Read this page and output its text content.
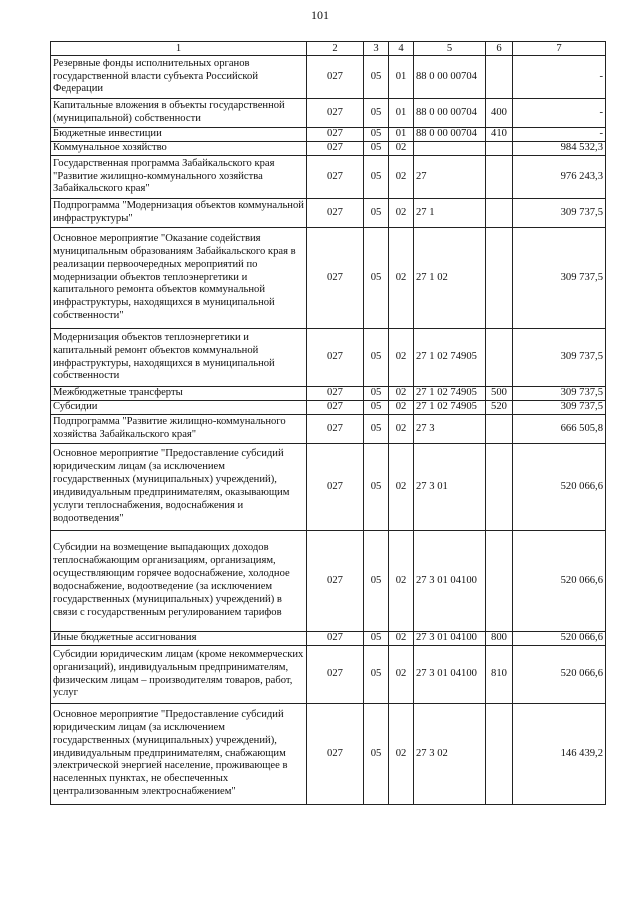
101
1	2	3	4	5	6	7
Резервные фонды исполнительных органов государственной власти субъекта Российской Федерации	027	05	01	88 0 00 00704		-
Капитальные вложения в объекты государственной (муниципальной) собственности	027	05	01	88 0 00 00704	400	-
Бюджетные инвестиции	027	05	01	88 0 00 00704	410	-
Коммунальное хозяйство	027	05	02			984 532,3
Государственная программа Забайкальского края "Развитие жилищно-коммунального хозяйства Забайкальского края"	027	05	02	27		976 243,3
Подпрограмма "Модернизация объектов коммунальной инфраструктуры"	027	05	02	27 1		309 737,5
Основное мероприятие "Оказание содействия муниципальным образованиям Забайкальского края в реализации первоочередных мероприятий по модернизации объектов теплоэнергетики и капитального ремонта объектов коммунальной инфраструктуры, находящихся в муниципальной собственности"	027	05	02	27 1 02		309 737,5
Модернизация объектов теплоэнергетики и капитальный ремонт объектов коммунальной инфраструктуры, находящихся в муниципальной собственности	027	05	02	27 1 02 74905		309 737,5
Межбюджетные трансферты	027	05	02	27 1 02 74905	500	309 737,5
Субсидии	027	05	02	27 1 02 74905	520	309 737,5
Подпрограмма "Развитие жилищно-коммунального хозяйства Забайкальского края"	027	05	02	27 3		666 505,8
Основное мероприятие "Предоставление субсидий юридическим лицам (за исключением государственных (муниципальных) учреждений), индивидуальным предпринимателям, оказывающим услуги теплоснабжения, водоснабжения и водоотведения"	027	05	02	27 3 01		520 066,6
Субсидии на возмещение выпадающих доходов теплоснабжающим организациям, организациям, осуществляющим горячее водоснабжение, холодное водоснабжение, водоотведение (за исключением государственных (муниципальных) учреждений) в связи с государственным регулированием тарифов	027	05	02	27 3 01 04100		520 066,6
Иные бюджетные ассигнования	027	05	02	27 3 01 04100	800	520 066,6
Субсидии юридическим лицам (кроме некоммерческих организаций), индивидуальным предпринимателям, физическим лицам – производителям товаров, работ, услуг	027	05	02	27 3 01 04100	810	520 066,6
Основное мероприятие "Предоставление субсидий юридическим лицам (за исключением государственных (муниципальных) учреждений), индивидуальным предпринимателям, снабжающим электрической энергией население, проживающее в населенных пунктах, не обеспеченных централизованным электроснабжением"	027	05	02	27 3 02		146 439,2
